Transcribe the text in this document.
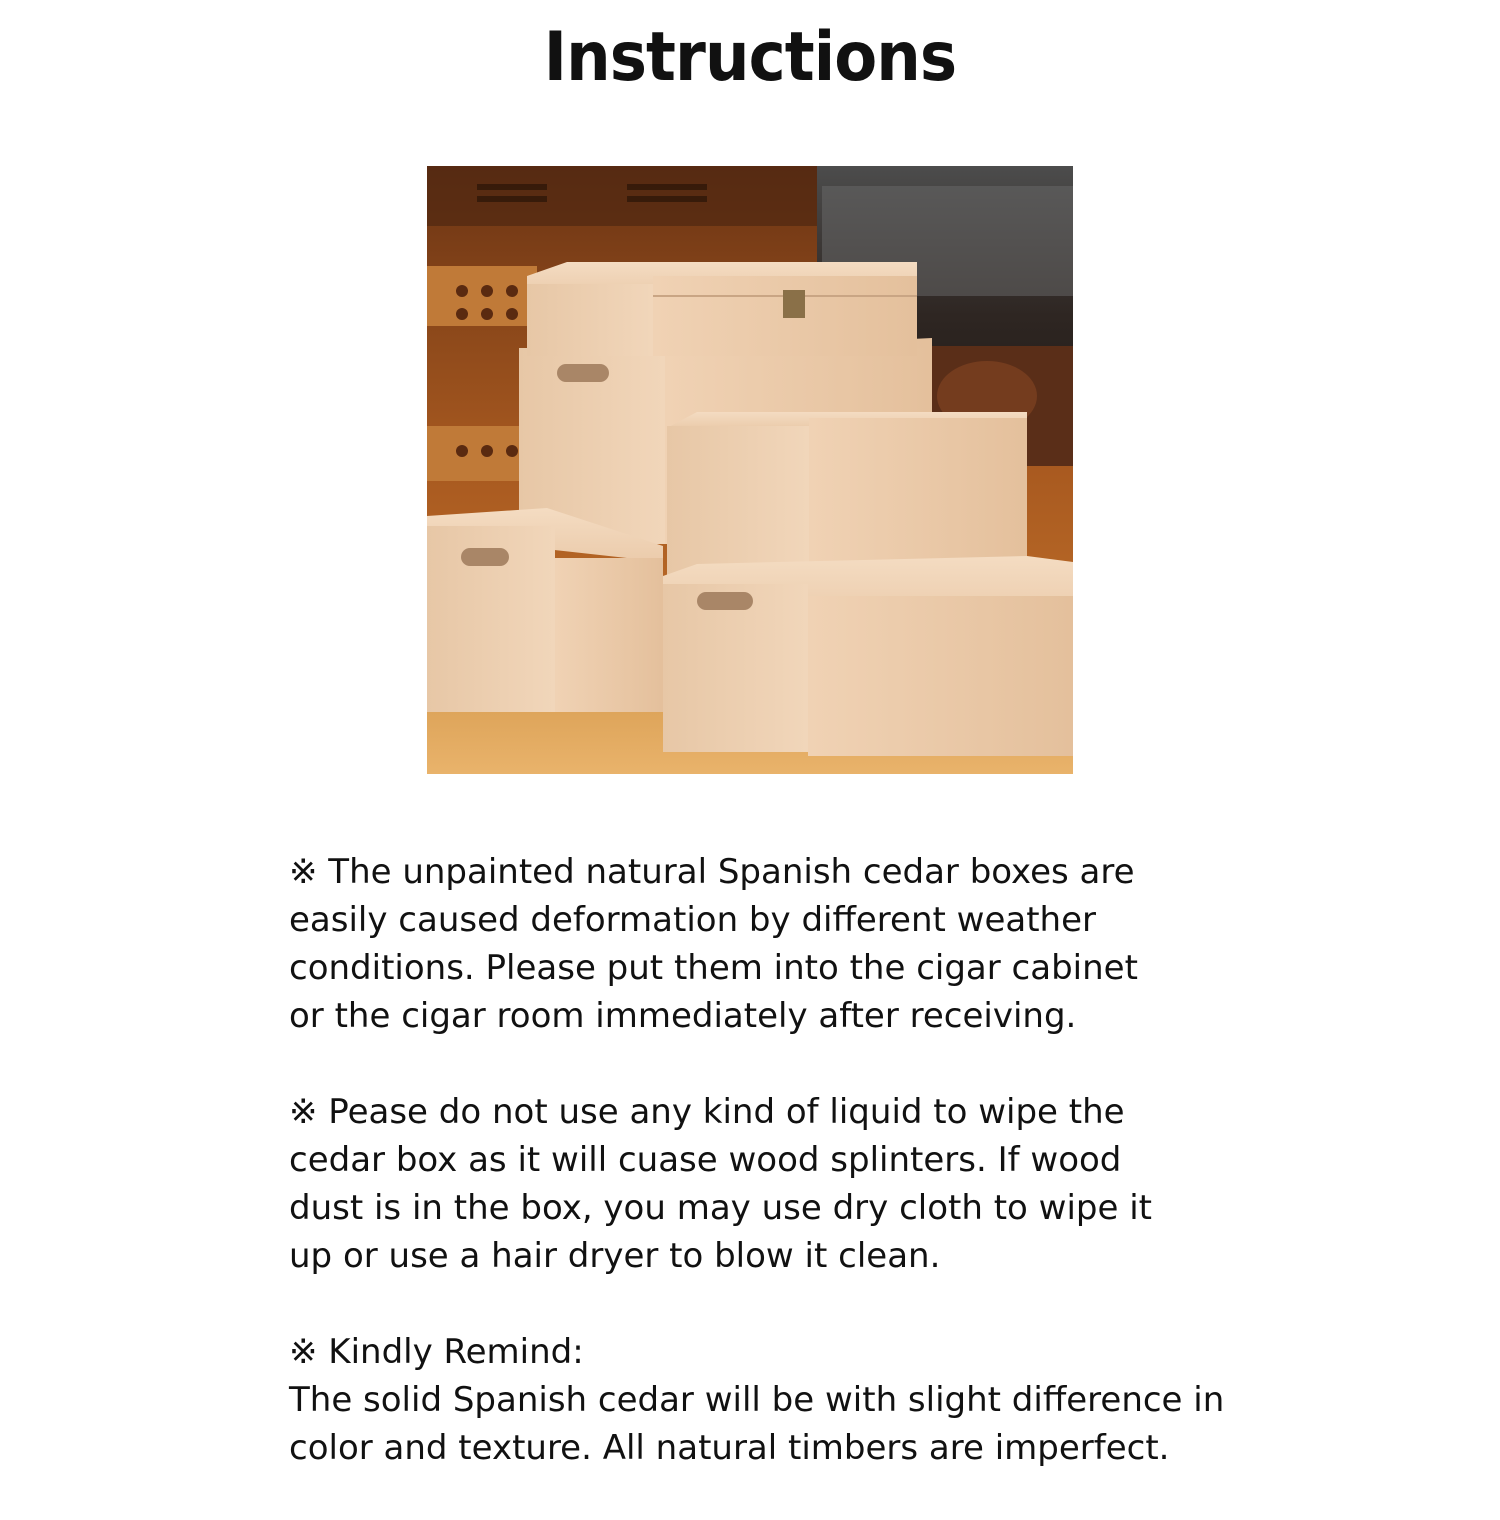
Instructions

※ The unpainted natural Spanish cedar boxes are easily caused deformation by different weather conditions. Please put them into the cigar cabinet or the cigar room immediately after receiving.

※ Pease do not use any kind of liquid to wipe the cedar box as it will cuase wood splinters. If wood dust is in the box, you may use dry cloth to wipe it up or use a hair dryer to blow it clean.

※ Kindly Remind:

The solid Spanish cedar will be with slight difference in color and texture. All natural timbers are imperfect.
